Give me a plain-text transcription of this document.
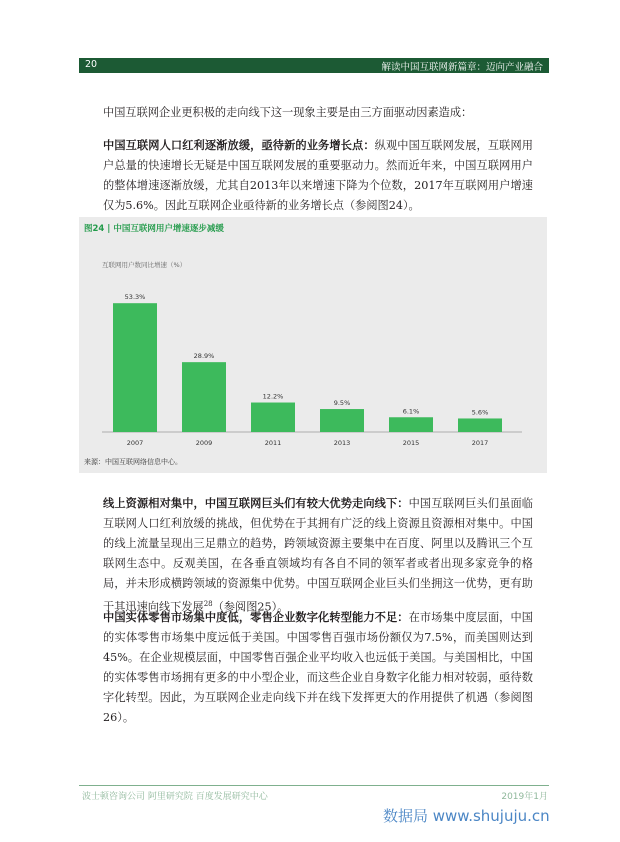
20	解读中国互联网新篇章：迈向产业融合

中国互联网企业更积极的走向线下这一现象主要是由三方面驱动因素造成：

中国互联网人口红利逐渐放缓，亟待新的业务增长点：纵观中国互联网发展，互联网用户总量的快速增长无疑是中国互联网发展的重要驱动力。然而近年来，中国互联网用户的整体增速逐渐放缓，尤其自2013年以来增速下降为个位数，2017年互联网用户增速仅为5.6%。因此互联网企业亟待新的业务增长点（参阅图24）。

互联网用户数同比增速（%）
53.3%
2007
28.9%
2009
12.2%
2011
9.5%
2013
6.1%
2015
5.6%
2017
图24 | 中国互联网用户增速逐步减缓
来源：中国互联网络信息中心。

线上资源相对集中，中国互联网巨头们有较大优势走向线下：中国互联网巨头们虽面临互联网人口红利放缓的挑战，但优势在于其拥有广泛的线上资源且资源相对集中。中国的线上流量呈现出三足鼎立的趋势，跨领域资源主要集中在百度、阿里以及腾讯三个互联网生态中。反观美国，在各垂直领域均有各自不同的领军者或者出现多家竞争的格局，并未形成横跨领域的资源集中优势。中国互联网企业巨头们坐拥这一优势，更有助于其迅速向线下发展$^{28}$（参阅图25）。

中国实体零售市场集中度低，零售企业数字化转型能力不足：在市场集中度层面，中国的实体零售市场集中度远低于美国。中国零售百强市场份额仅为7.5%，而美国则达到45%。在企业规模层面，中国零售百强企业平均收入也远低于美国。与美国相比，中国的实体零售市场拥有更多的中小型企业，而这些企业自身数字化能力相对较弱，亟待数字化转型。因此，为互联网企业走向线下并在线下发挥更大的作用提供了机遇（参阅图26）。

波士顿咨询公司 阿里研究院 百度发展研究中心	2019年1月
数据局 www.shujuju.cn
